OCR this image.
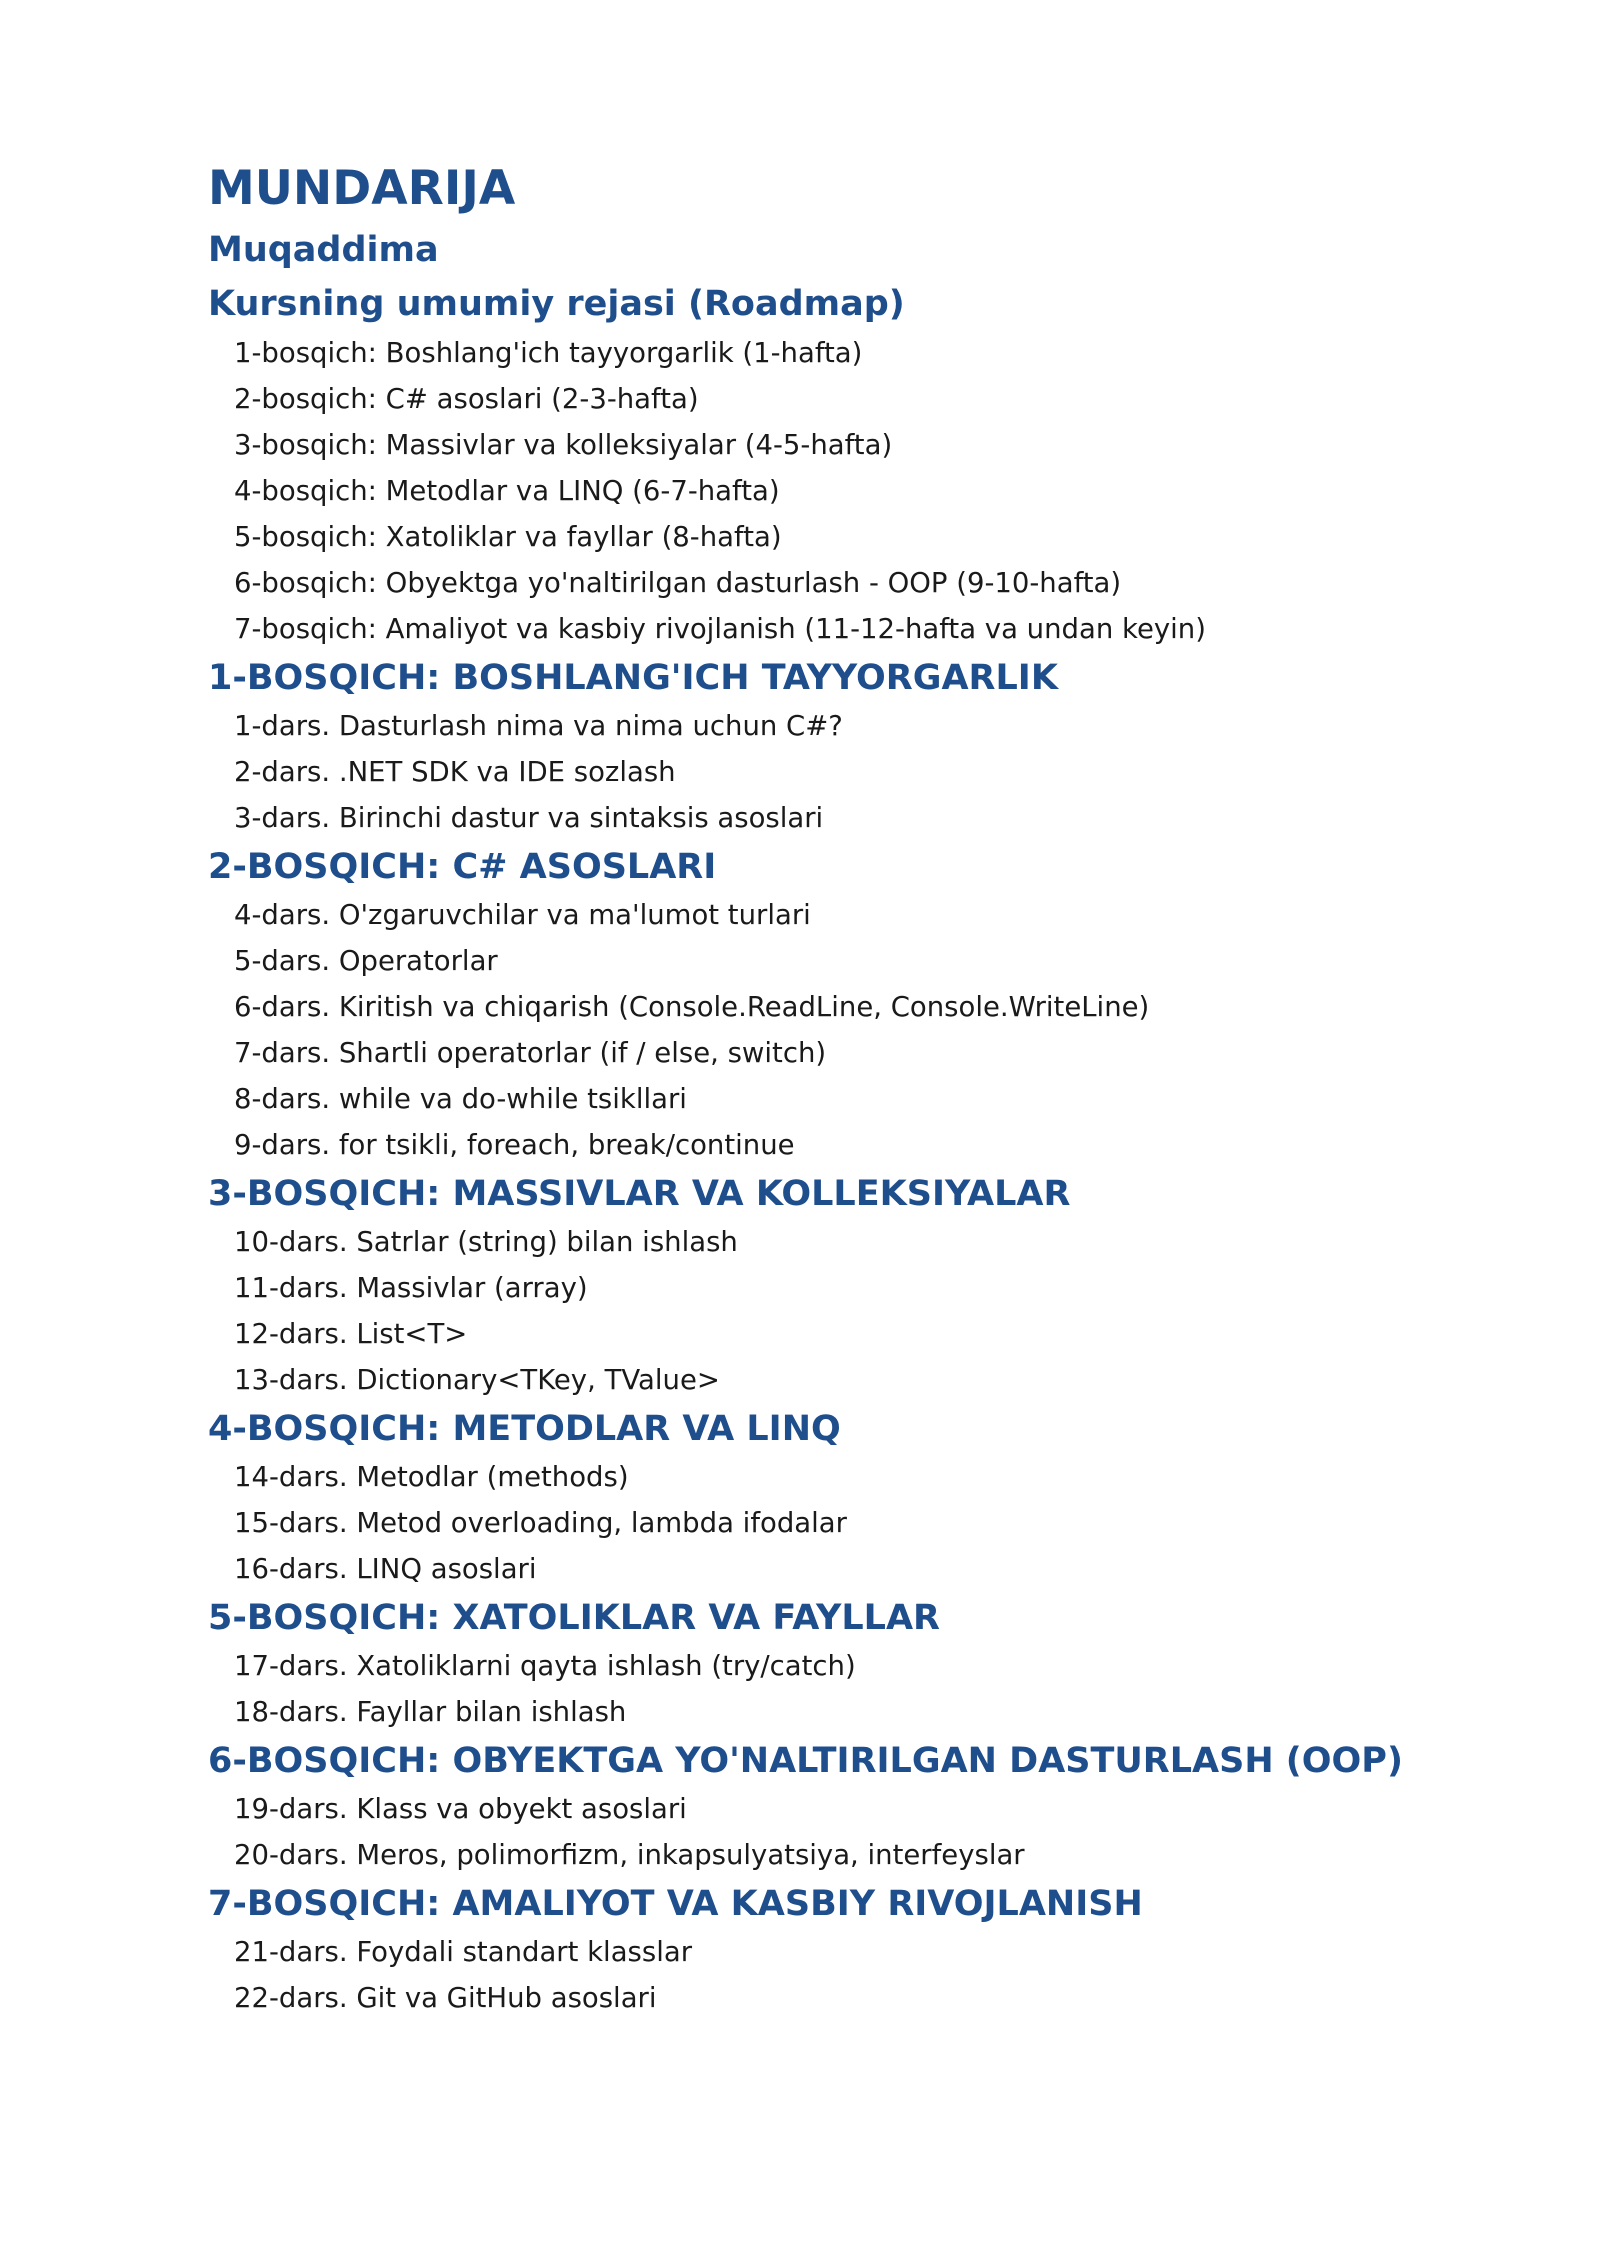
MUNDARIJA
Muqaddima
Kursning umumiy rejasi (Roadmap)
1-bosqich: Boshlang'ich tayyorgarlik (1-hafta)
2-bosqich: C# asoslari (2-3-hafta)
3-bosqich: Massivlar va kolleksiyalar (4-5-hafta)
4-bosqich: Metodlar va LINQ (6-7-hafta)
5-bosqich: Xatoliklar va fayllar (8-hafta)
6-bosqich: Obyektga yo'naltirilgan dasturlash - OOP (9-10-hafta)
7-bosqich: Amaliyot va kasbiy rivojlanish (11-12-hafta va undan keyin)
1-BOSQICH: BOSHLANG'ICH TAYYORGARLIK
1-dars. Dasturlash nima va nima uchun C#?
2-dars. .NET SDK va IDE sozlash
3-dars. Birinchi dastur va sintaksis asoslari
2-BOSQICH: C# ASOSLARI
4-dars. O'zgaruvchilar va ma'lumot turlari
5-dars. Operatorlar
6-dars. Kiritish va chiqarish (Console.ReadLine, Console.WriteLine)
7-dars. Shartli operatorlar (if / else, switch)
8-dars. while va do-while tsikllari
9-dars. for tsikli, foreach, break/continue
3-BOSQICH: MASSIVLAR VA KOLLEKSIYALAR
10-dars. Satrlar (string) bilan ishlash
11-dars. Massivlar (array)
12-dars. List<T>
13-dars. Dictionary<TKey, TValue>
4-BOSQICH: METODLAR VA LINQ
14-dars. Metodlar (methods)
15-dars. Metod overloading, lambda ifodalar
16-dars. LINQ asoslari
5-BOSQICH: XATOLIKLAR VA FAYLLAR
17-dars. Xatoliklarni qayta ishlash (try/catch)
18-dars. Fayllar bilan ishlash
6-BOSQICH: OBYEKTGA YO'NALTIRILGAN DASTURLASH (OOP)
19-dars. Klass va obyekt asoslari
20-dars. Meros, polimorfizm, inkapsulyatsiya, interfeyslar
7-BOSQICH: AMALIYOT VA KASBIY RIVOJLANISH
21-dars. Foydali standart klasslar
22-dars. Git va GitHub asoslari
